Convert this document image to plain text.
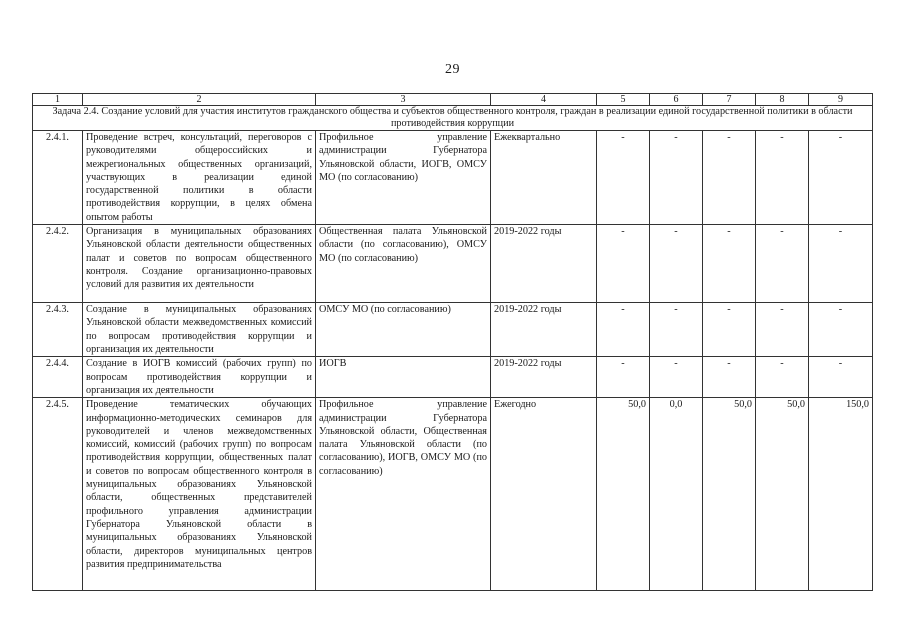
29
1	2	3	4	5	6	7	8	9
Задача 2.4. Создание условий для участия институтов гражданского общества и субъектов общественного контроля, граждан в реализации единой государственной политики в области противодействия коррупции								
2.4.1.	Проведение встреч, консультаций, переговоров с руководителями общероссийских и межрегиональных общественных организаций, участвующих в реализации единой государственной политики в области противодействия коррупции, в целях обмена опытом работы	Профильное управление администрации Губернатора Ульяновской области, ИОГВ, ОМСУ МО (по согласованию)	Ежеквартально	-	-	-	-	-
2.4.2.	Организация в муниципальных образованиях Ульяновской области деятельности общественных палат и советов по вопросам общественного контроля. Создание организационно-правовых условий для развития их деятельности	Общественная палата Ульяновской области (по согласованию), ОМСУ МО (по согласованию)	2019-2022 годы	-	-	-	-	-
2.4.3.	Создание в муниципальных образованиях Ульяновской области межведомственных комиссий по вопросам противодействия коррупции и организация их деятельности	ОМСУ МО (по согласованию)	2019-2022 годы	-	-	-	-	-
2.4.4.	Создание в ИОГВ комиссий (рабочих групп) по вопросам противодействия коррупции и организация их деятельности	ИОГВ	2019-2022 годы	-	-	-	-	-
2.4.5.	Проведение тематических обучающих информационно-методических семинаров для руководителей и членов межведомственных комиссий, комиссий (рабочих групп) по вопросам противодействия коррупции, общественных палат и советов по вопросам общественного контроля в муниципальных образованиях Ульяновской области, общественных представителей профильного управления администрации Губернатора Ульяновской области в муниципальных образованиях Ульяновской области, директоров муниципальных центров развития предпринимательства	Профильное управление администрации Губернатора Ульяновской области, Общественная палата Ульяновской области (по согласованию), ИОГВ, ОМСУ МО (по согласованию)	Ежегодно	50,0	0,0	50,0	50,0	150,0
